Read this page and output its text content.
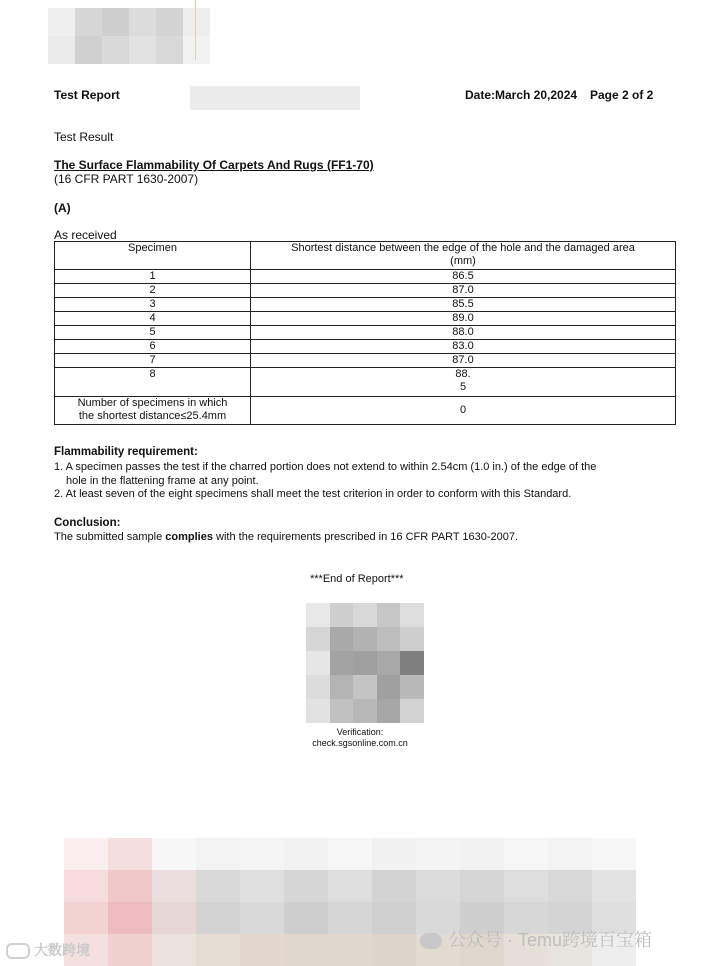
Test Report	Date:March 20,2024 Page 2 of 2
Test Result
The Surface Flammability Of Carpets And Rugs (FF1-70)
(16 CFR PART 1630-2007)
(A)
As received
Specimen	Shortest distance between the edge of the hole and the damaged area
(mm)

1	86.5
2	87.0
3	85.5
4	89.0
5	88.0
6	83.0
7	87.0
8	88.
5

Number of specimens in which
the shortest distance≤25.4mm	0
Flammability requirement:
1. A specimen passes the test if the charred portion does not extend to within 2.54cm (1.0 in.) of the edge of the
hole in the flattening frame at any point.
2. At least seven of the eight specimens shall meet the test criterion in order to conform with this Standard.
Conclusion:
The submitted sample complies with the requirements prescribed in 16 CFR PART 1630-2007.
***End of Report***
Verification:
check.sgsonline.com.cn
大数跨境	公众号 · Temu跨境百宝箱
